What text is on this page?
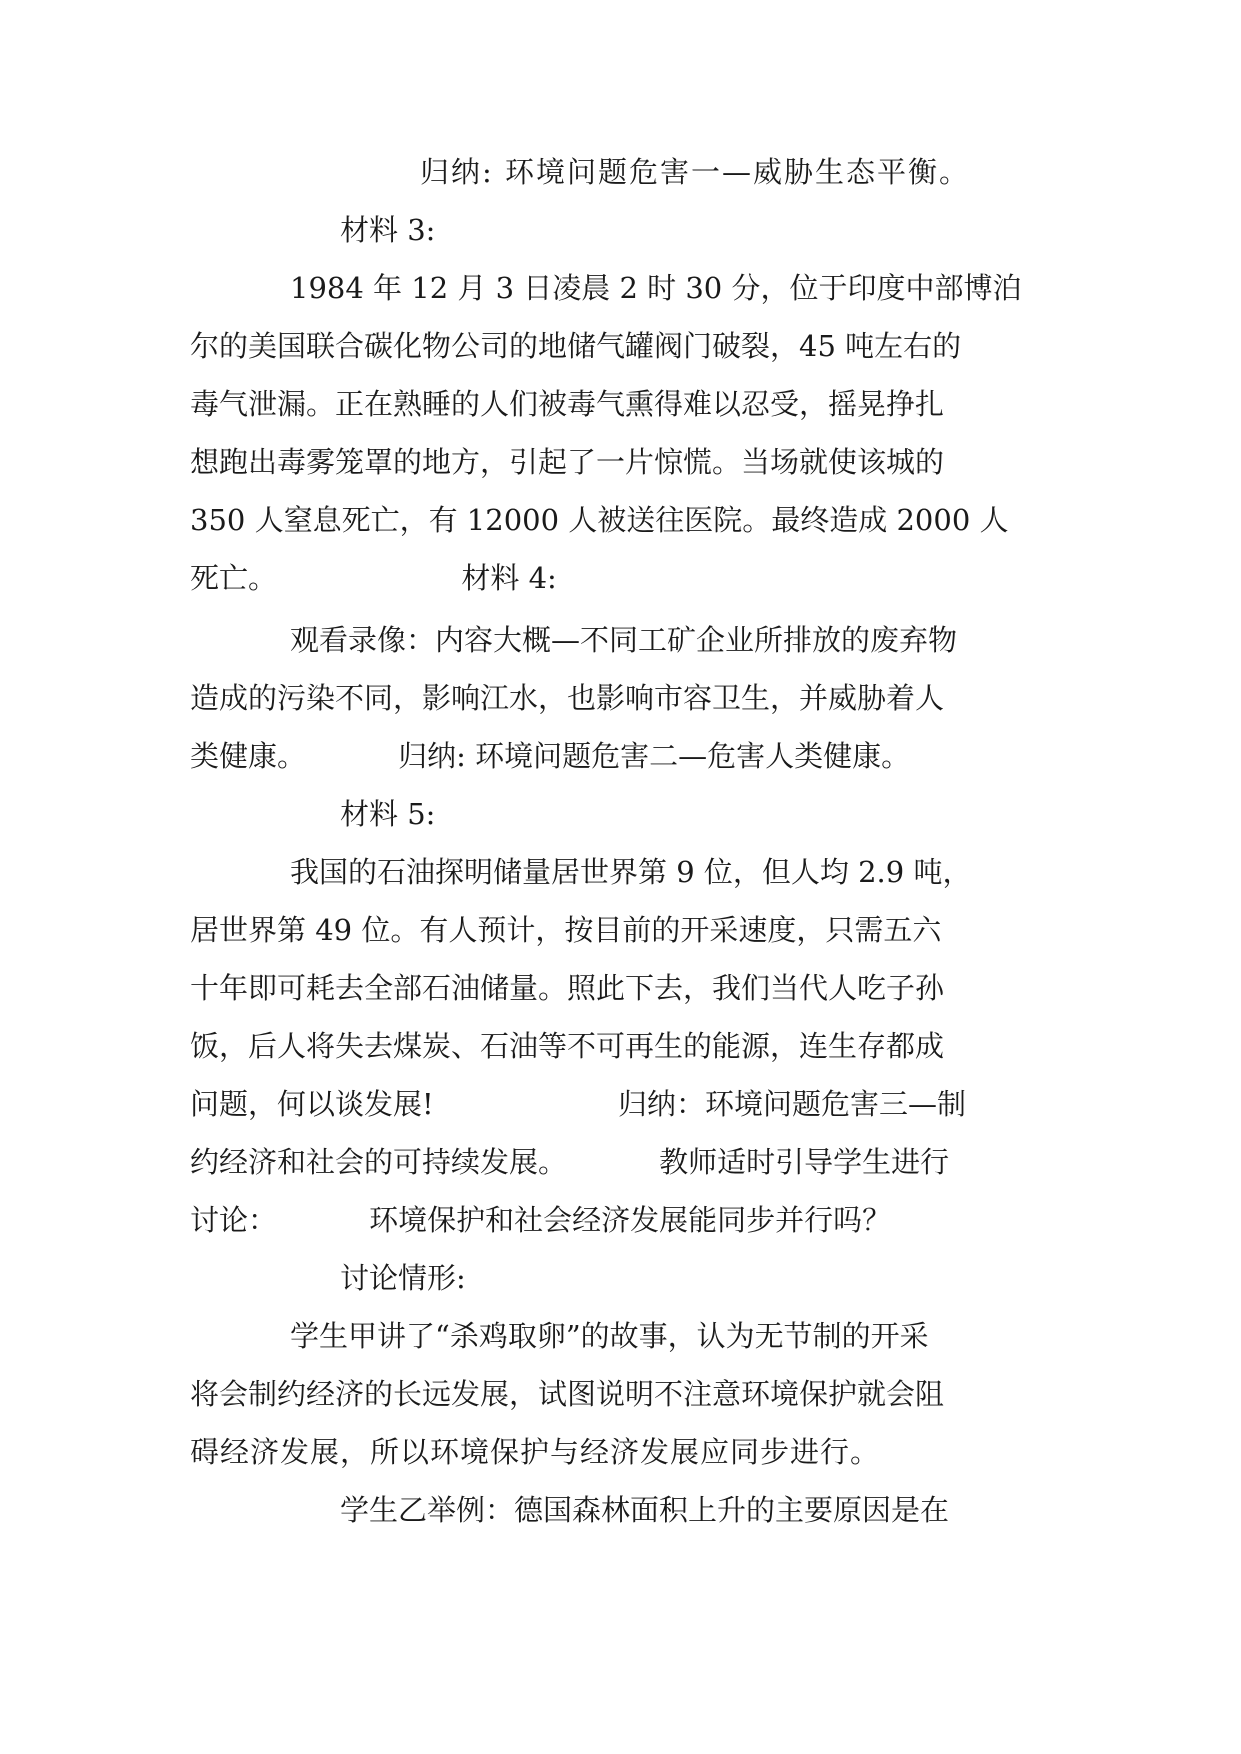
归纳: 环境问题危害一—威胁生态平衡。

材料 3:

1984 年 12 月 3 日凌晨 2 时 30 分，位于印度中部博泊

尔的美国联合碳化物公司的地储气罐阀门破裂，45 吨左右的

毒气泄漏。正在熟睡的人们被毒气熏得难以忍受，摇晃挣扎

想跑出毒雾笼罩的地方，引起了一片惊慌。当场就使该城的

350 人窒息死亡，有 12000 人被送往医院。最终造成 2000 人

死亡。                    材料 4:

观看录像：内容大概—不同工矿企业所排放的废弃物

造成的污染不同，影响江水，也影响市容卫生，并威胁着人

类健康。          归纳: 环境问题危害二—危害人类健康。

材料 5:

我国的石油探明储量居世界第 9 位，但人均 2.9 吨，

居世界第 49 位。有人预计，按目前的开采速度，只需五六

十年即可耗去全部石油储量。照此下去，我们当代人吃子孙

饭，后人将失去煤炭、石油等不可再生的能源，连生存都成

问题，何以谈发展!                    归纳：环境问题危害三—制

约经济和社会的可持续发展。          教师适时引导学生进行

讨论：          环境保护和社会经济发展能同步并行吗？

讨论情形:

学生甲讲了“杀鸡取卵”的故事，认为无节制的开采

将会制约经济的长远发展，试图说明不注意环境保护就会阻

碍经济发展，所以环境保护与经济发展应同步进行。

学生乙举例：德国森林面积上升的主要原因是在
